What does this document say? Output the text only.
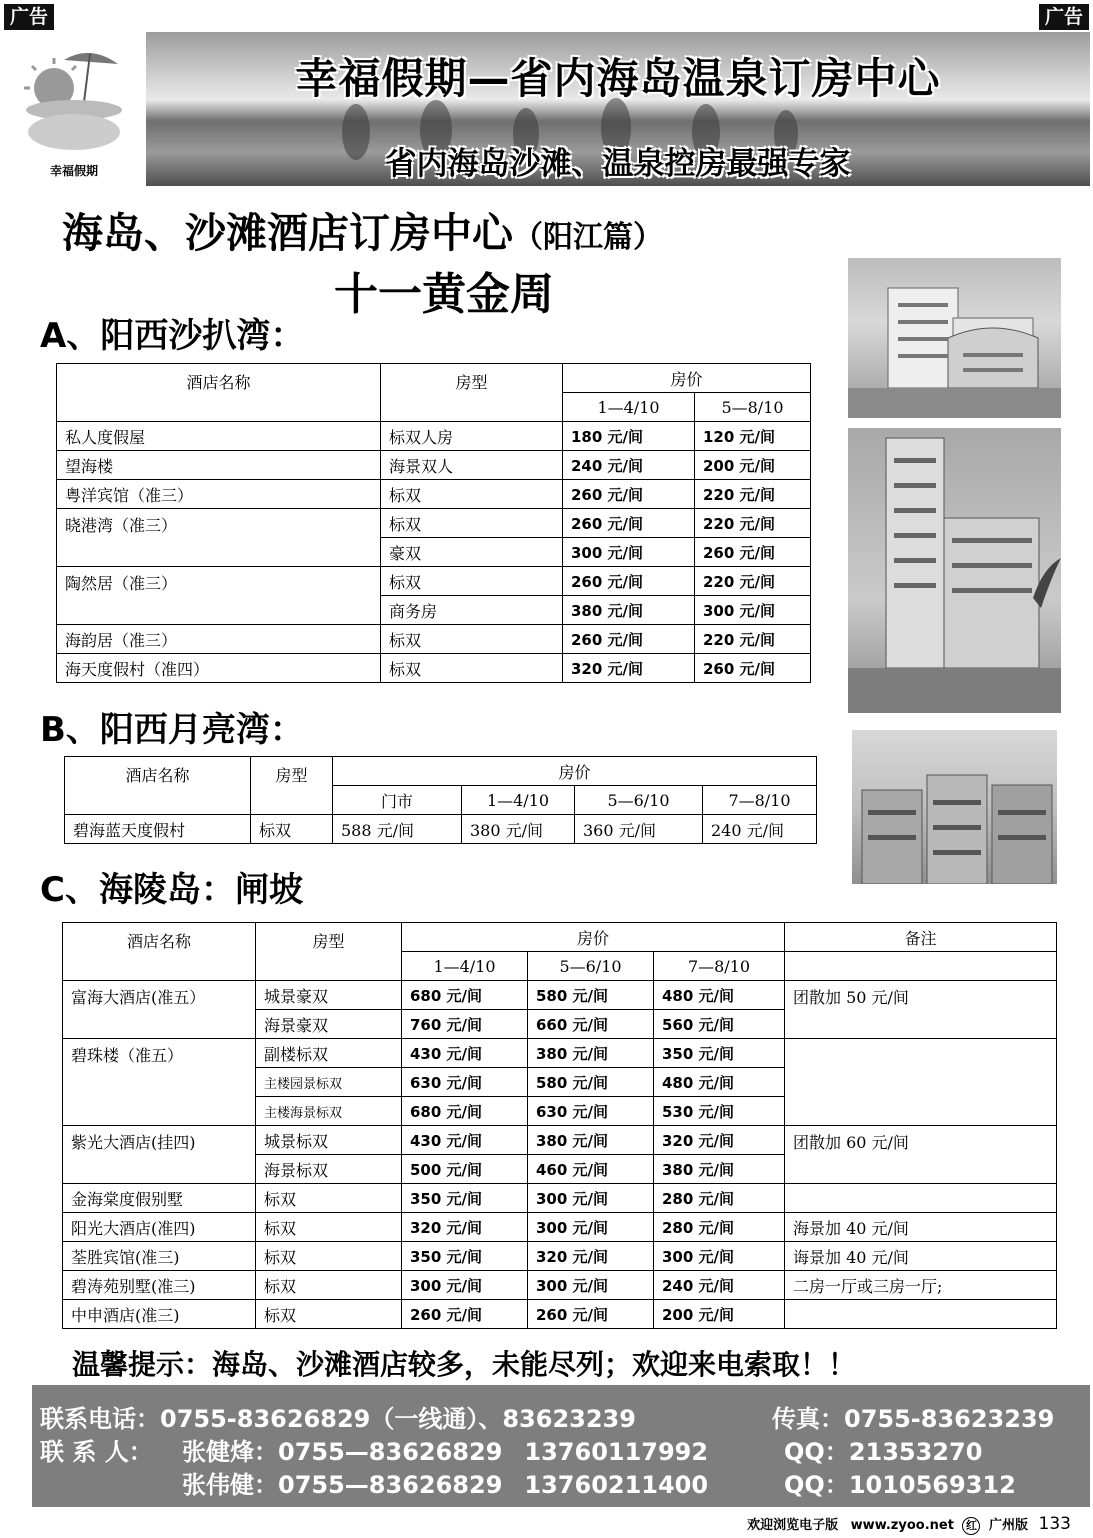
广告	广告
幸福假期
幸福假期—省内海岛温泉订房中心
省内海岛沙滩、温泉控房最强专家
海岛、沙滩酒店订房中心（阳江篇）
十一黄金周
A、阳西沙扒湾：
酒店名称	房型	房价	
		1—4/10	5—8/10
私人度假屋	标双人房	180 元/间	120 元/间
望海楼	海景双人	240 元/间	200 元/间
粤洋宾馆（准三）	标双	260 元/间	220 元/间
晓港湾（准三）	标双	260 元/间	220 元/间
	豪双	300 元/间	260 元/间
陶然居（准三）	标双	260 元/间	220 元/间
	商务房	380 元/间	300 元/间
海韵居（准三）	标双	260 元/间	220 元/间
海天度假村（准四）	标双	320 元/间	260 元/间
B、阳西月亮湾：
酒店名称	房型	房价			
		门市	1—4/10	5—6/10	7—8/10
碧海蓝天度假村	标双	588 元/间	380 元/间	360 元/间	240 元/间
C、海陵岛：闸坡
酒店名称	房型	房价			备注
		1—4/10	5—6/10	7—8/10	
富海大酒店(准五）	城景豪双	680 元/间	580 元/间	480 元/间	团散加 50 元/间
	海景豪双	760 元/间	660 元/间	560 元/间	
碧珠楼（准五）	副楼标双	430 元/间	380 元/间	350 元/间	
	主楼园景标双	630 元/间	580 元/间	480 元/间	
	主楼海景标双	680 元/间	630 元/间	530 元/间	
紫光大酒店(挂四)	城景标双	430 元/间	380 元/间	320 元/间	团散加 60 元/间
	海景标双	500 元/间	460 元/间	380 元/间	
金海棠度假别墅	标双	350 元/间	300 元/间	280 元/间	
阳光大酒店(准四)	标双	320 元/间	300 元/间	280 元/间	海景加 40 元/间
荃胜宾馆(准三)	标双	350 元/间	320 元/间	300 元/间	诲景加 40 元/间
碧涛苑别墅(准三)	标双	300 元/间	300 元/间	240 元/间	二房一厅或三房一厅;
中申酒店(准三)	标双	260 元/间	260 元/间	200 元/间	
温馨提示：海岛、沙滩酒店较多，未能尽列；欢迎来电索取！！
联系电话：0755-83626829（一线通）、83623239	传真：0755-83623239
联 系 人： 张健烽：0755—83626829 13760117992	QQ：21353270
张伟健：0755—83626829 13760211400	QQ：1010569312
欢迎浏览电子版 www.zyoo.net 红 广州版 133
